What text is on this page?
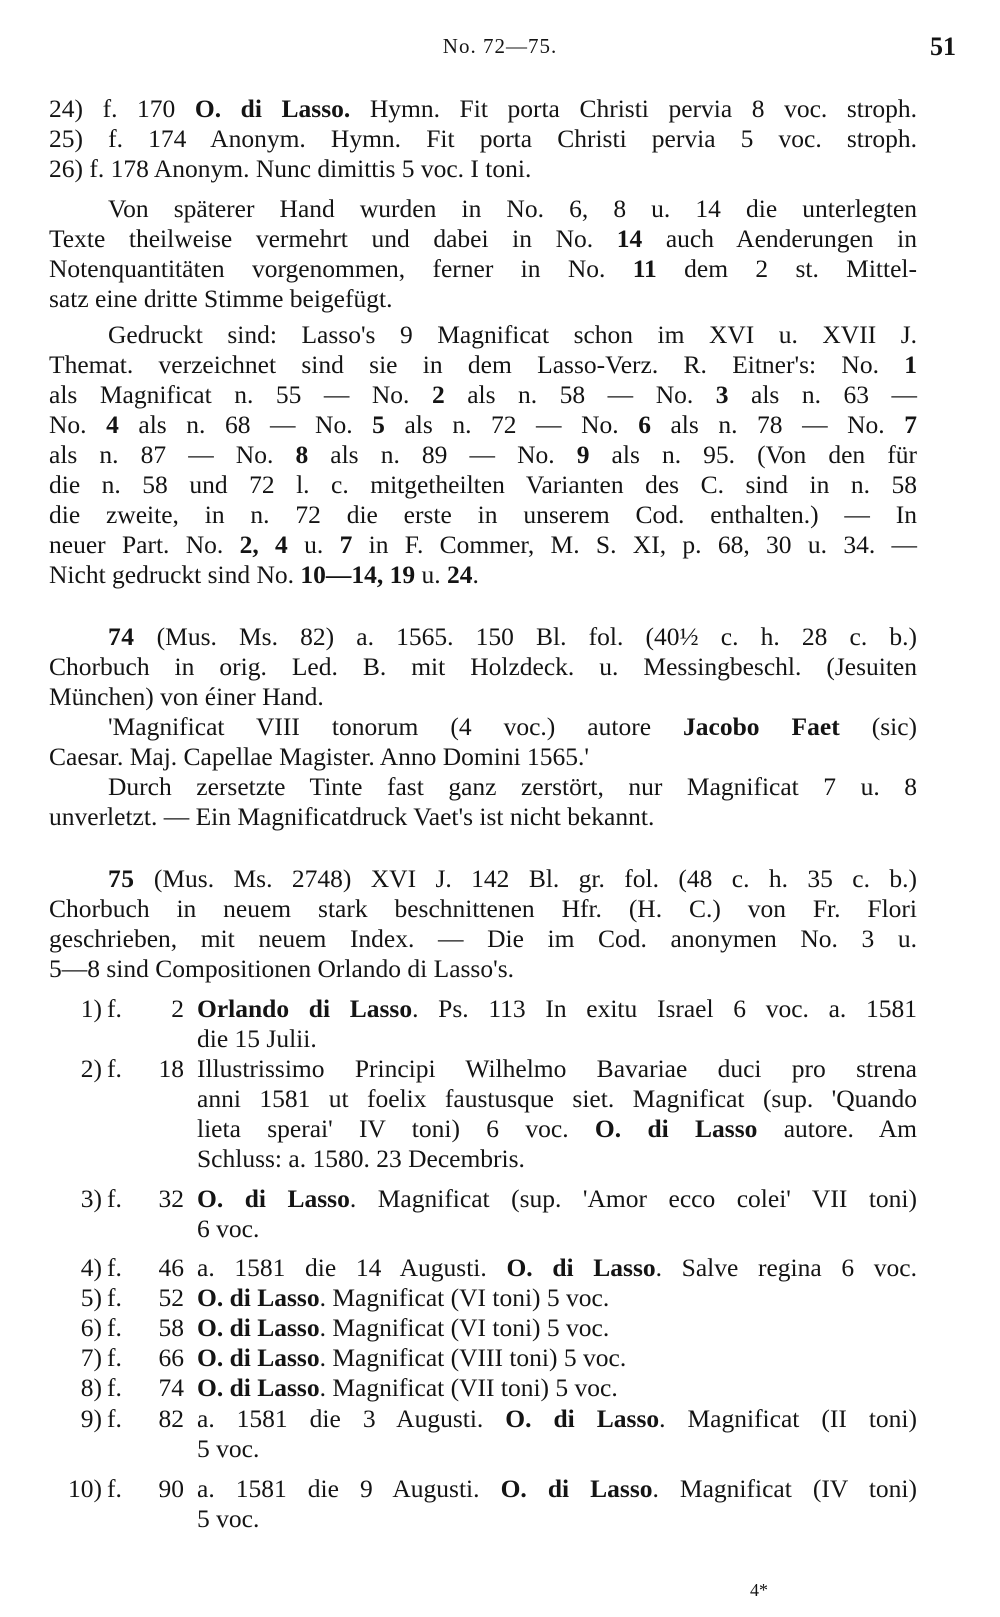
No. 72—75.	51
24) f. 170 O. di Lasso. Hymn. Fit porta Christi pervia 8 voc. stroph.
25) f. 174 Anonym. Hymn. Fit porta Christi pervia 5 voc. stroph.
26) f. 178 Anonym. Nunc dimittis 5 voc. I toni.
Von späterer Hand wurden in No. 6, 8 u. 14 die unterlegten
Texte theilweise vermehrt und dabei in No. 14 auch Aenderungen in
Notenquantitäten vorgenommen, ferner in No. 11 dem 2 st. Mittel-
satz eine dritte Stimme beigefügt.
Gedruckt sind: Lasso's 9 Magnificat schon im XVI u. XVII J.
Themat. verzeichnet sind sie in dem Lasso-Verz. R. Eitner's: No. 1
als Magnificat n. 55 — No. 2 als n. 58 — No. 3 als n. 63 —
No. 4 als n. 68 — No. 5 als n. 72 — No. 6 als n. 78 — No. 7
als n. 87 — No. 8 als n. 89 — No. 9 als n. 95. (Von den für
die n. 58 und 72 l. c. mitgetheilten Varianten des C. sind in n. 58
die zweite, in n. 72 die erste in unserem Cod. enthalten.) — In
neuer Part. No. 2, 4 u. 7 in F. Commer, M. S. XI, p. 68, 30 u. 34. —
Nicht gedruckt sind No. 10—14, 19 u. 24.
74 (Mus. Ms. 82) a. 1565. 150 Bl. fol. (40½ c. h. 28 c. b.)
Chorbuch in orig. Led. B. mit Holzdeck. u. Messingbeschl. (Jesuiten
München) von éiner Hand.
'Magnificat VIII tonorum (4 voc.) autore Jacobo Faet (sic)
Caesar. Maj. Capellae Magister. Anno Domini 1565.'
Durch zersetzte Tinte fast ganz zerstört, nur Magnificat 7 u. 8
unverletzt. — Ein Magnificatdruck Vaet's ist nicht bekannt.
75 (Mus. Ms. 2748) XVI J. 142 Bl. gr. fol. (48 c. h. 35 c. b.)
Chorbuch in neuem stark beschnittenen Hfr. (H. C.) von Fr. Flori
geschrieben, mit neuem Index. — Die im Cod. anonymen No. 3 u.
5—8 sind Compositionen Orlando di Lasso's.
1) f.	2 Orlando di Lasso. Ps. 113 In exitu Israel 6 voc. a. 1581
die 15 Julii.
2) f.	18 Illustrissimo Principi Wilhelmo Bavariae duci pro strena
anni 1581 ut foelix faustusque siet. Magnificat (sup. 'Quando
lieta sperai' IV toni) 6 voc. O. di Lasso autore. Am
Schluss: a. 1580. 23 Decembris.
3) f.	32 O. di Lasso. Magnificat (sup. 'Amor ecco colei' VII toni)
6 voc.
4) f.	46 a. 1581 die 14 Augusti. O. di Lasso. Salve regina 6 voc.
5) f.	52 O. di Lasso. Magnificat (VI toni) 5 voc.
6) f.	58 O. di Lasso. Magnificat (VI toni) 5 voc.
7) f.	66 O. di Lasso. Magnificat (VIII toni) 5 voc.
8) f.	74 O. di Lasso. Magnificat (VII toni) 5 voc.
9) f.	82 a. 1581 die 3 Augusti. O. di Lasso. Magnificat (II toni)
5 voc.
10) f.	90 a. 1581 die 9 Augusti. O. di Lasso. Magnificat (IV toni)
5 voc.
4*
